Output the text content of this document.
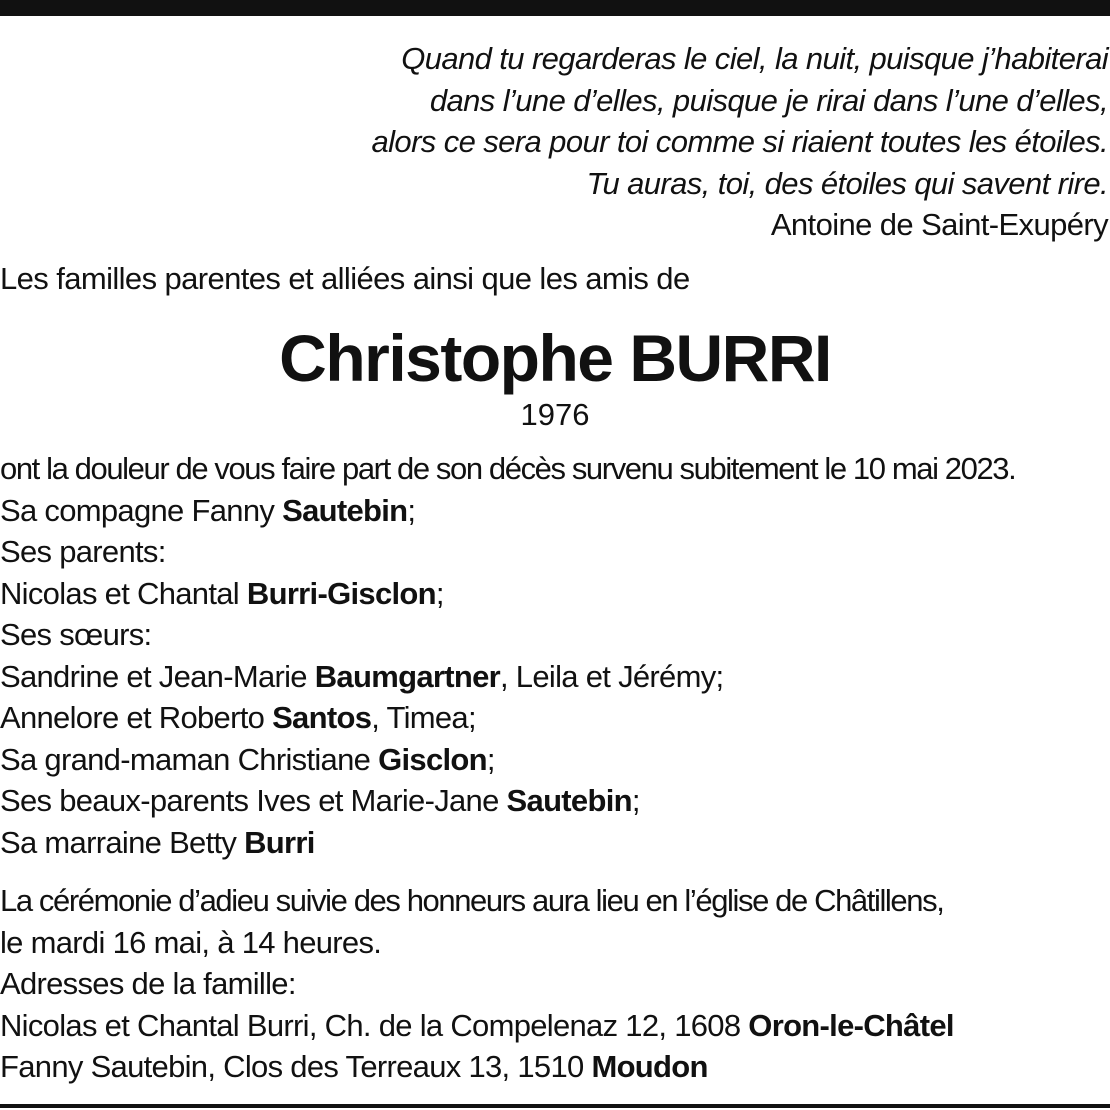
Quand tu regarderas le ciel, la nuit, puisque j’habiterai
dans l’une d’elles, puisque je rirai dans l’une d’elles,
alors ce sera pour toi comme si riaient toutes les étoiles.
Tu auras, toi, des étoiles qui savent rire.
Antoine de Saint-Exupéry
Les familles parentes et alliées ainsi que les amis de
Christophe BURRI
1976
ont la douleur de vous faire part de son décès survenu subitement le 10 mai 2023.
Sa compagne Fanny Sautebin;
Ses parents:
Nicolas et Chantal Burri-Gisclon;
Ses sœurs:
Sandrine et Jean-Marie Baumgartner, Leila et Jérémy;
Annelore et Roberto Santos, Timea;
Sa grand-maman Christiane Gisclon;
Ses beaux-parents Ives et Marie-Jane Sautebin;
Sa marraine Betty Burri
La cérémonie d’adieu suivie des honneurs aura lieu en l’église de Châtillens,
le mardi 16 mai, à 14 heures.
Adresses de la famille:
Nicolas et Chantal Burri, Ch. de la Compelenaz 12, 1608 Oron-le-Châtel
Fanny Sautebin, Clos des Terreaux 13, 1510 Moudon
